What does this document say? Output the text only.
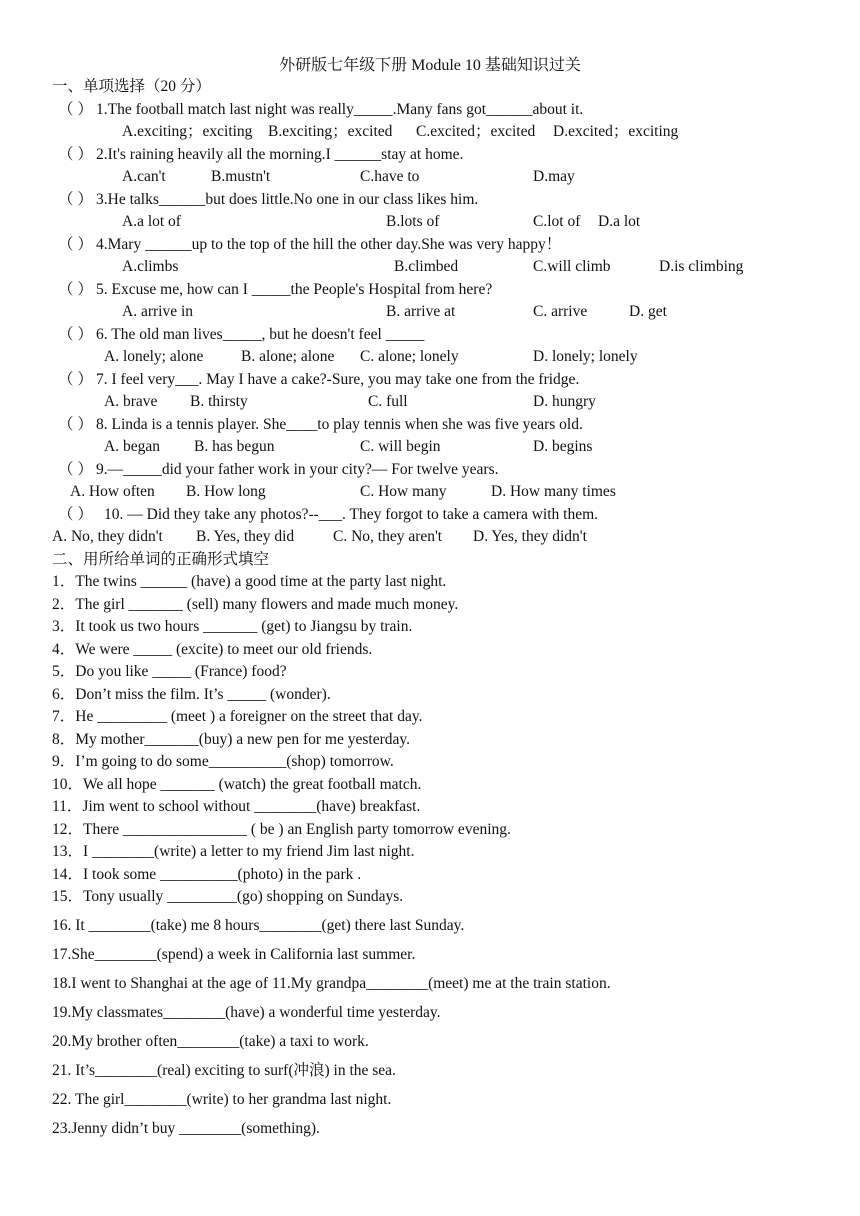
外研版七年级下册 Module 10 基础知识过关
一、单项选择（20 分）
（ ） 1.The football match last night was really_____.Many fans got______about it.
A.exciting；exciting B.exciting；excited C.excited；excited D.excited；exciting
（ ） 2.It's raining heavily all the morning.I ______stay at home.
A.can't	B.mustn't	C.have to	D.may
（ ） 3.He talks______but does little.No one in our class likes him.
A.a lot of	B.lots of	C.lot of D.a lot
（ ） 4.Mary ______up to the top of the hill the other day.She was very happy！
A.climbs	B.climbed	C.will climb	D.is climbing
（ ） 5. Excuse me, how can I _____the People's Hospital from here?
A. arrive in	B. arrive at	C. arrive	D. get
（ ） 6. The old man lives_____, but he doesn't feel _____
A. lonely; alone B. alone; alone C. alone; lonely	D. lonely; lonely
（ ） 7. I feel very___. May I have a cake?-Sure, you may take one from the fridge.
A. brave B. thirsty	C. full	D. hungry
（ ） 8. Linda is a tennis player. She____to play tennis when she was five years old.
A. began B. has begun	C. will begin	D. begins
（ ） 9.—_____did your father work in your city?— For twelve years.
A. How often B. How long	C. How many	D. How many times
（ ） 10. — Did they take any photos?--___. They forgot to take a camera with them.
A. No, they didn't B. Yes, they did	C. No, they aren't D. Yes, they didn't
二、用所给单词的正确形式填空
1．The twins ______ (have) a good time at the party last night.
2．The girl _______ (sell) many flowers and made much money.
3．It took us two hours _______ (get) to Jiangsu by train.
4．We were _____ (excite) to meet our old friends.
5．Do you like _____ (France) food?
6．Don’t miss the film. It’s _____ (wonder).
7．He _________ (meet ) a foreigner on the street that day.
8．My mother_______(buy) a new pen for me yesterday.
9．I’m going to do some__________(shop) tomorrow.
10．We all hope _______ (watch) the great football match.
11．Jim went to school without ________(have) breakfast.
12．There ________________ ( be ) an English party tomorrow evening.
13．I ________(write) a letter to my friend Jim last night.
14．I took some __________(photo) in the park .
15．Tony usually _________(go) shopping on Sundays.
16. It ________(take) me 8 hours________(get) there last Sunday.
17.She________(spend) a week in California last summer.
18.I went to Shanghai at the age of 11.My grandpa________(meet) me at the train station.
19.My classmates________(have) a wonderful time yesterday.
20.My brother often________(take) a taxi to work.
21. It’s________(real) exciting to surf(冲浪) in the sea.
22. The girl________(write) to her grandma last night.
23.Jenny didn’t buy ________(something).
